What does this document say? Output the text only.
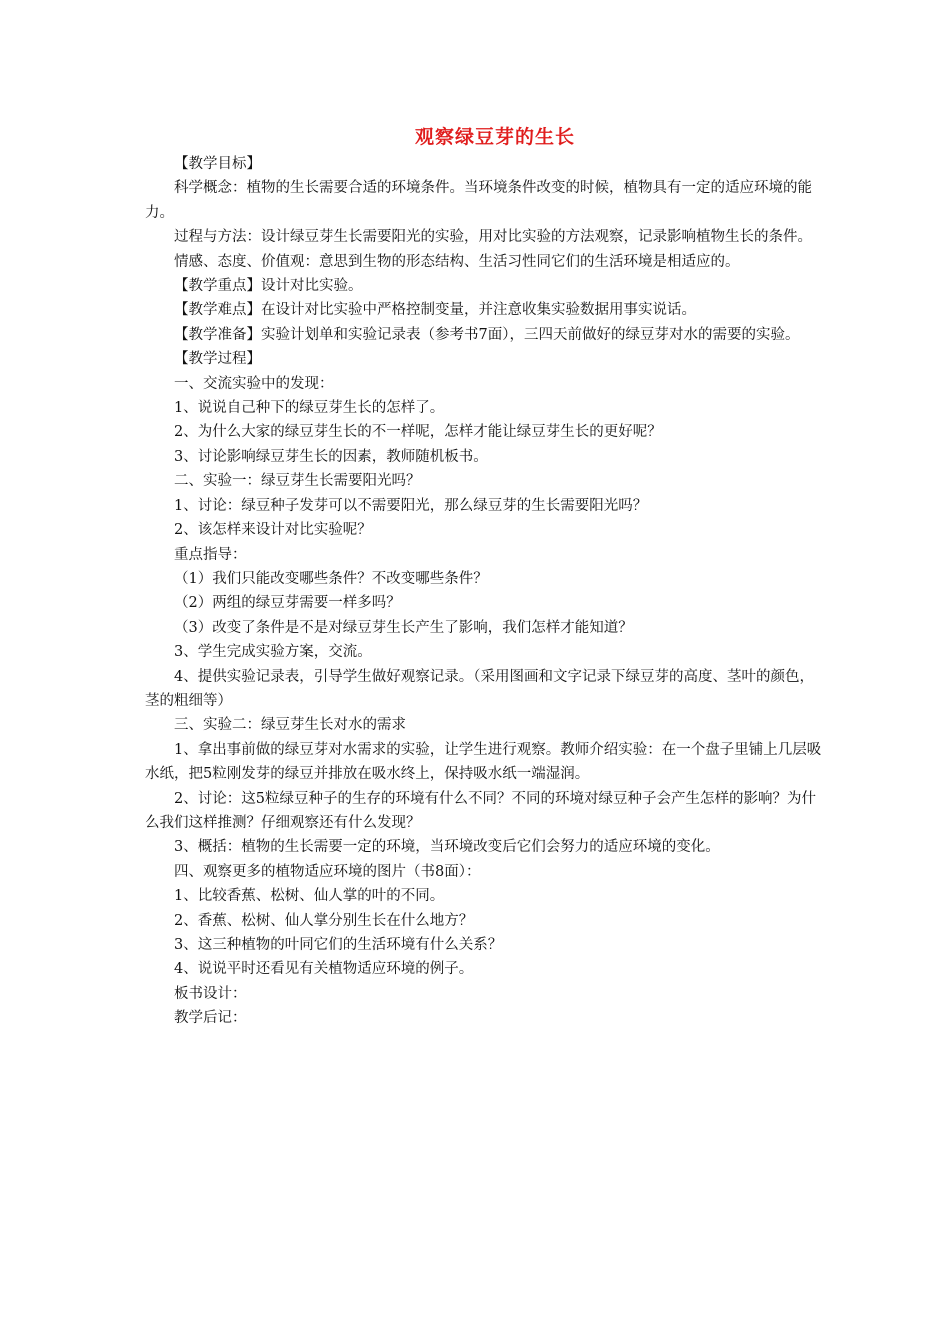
观察绿豆芽的生长

【教学目标】

科学概念：植物的生长需要合适的环境条件。当环境条件改变的时候，植物具有一定的适应环境的能力。

过程与方法：设计绿豆芽生长需要阳光的实验，用对比实验的方法观察，记录影响植物生长的条件。

情感、态度、价值观：意思到生物的形态结构、生活习性同它们的生活环境是相适应的。

【教学重点】设计对比实验。

【教学难点】在设计对比实验中严格控制变量，并注意收集实验数据用事实说话。

【教学准备】实验计划单和实验记录表（参考书7面），三四天前做好的绿豆芽对水的需要的实验。

【教学过程】

一、交流实验中的发现：

1、说说自己种下的绿豆芽生长的怎样了。

2、为什么大家的绿豆芽生长的不一样呢，怎样才能让绿豆芽生长的更好呢？

3、讨论影响绿豆芽生长的因素，教师随机板书。

二、实验一：绿豆芽生长需要阳光吗？

1、讨论：绿豆种子发芽可以不需要阳光，那么绿豆芽的生长需要阳光吗？

2、该怎样来设计对比实验呢？

重点指导：

（1）我们只能改变哪些条件？不改变哪些条件？

（2）两组的绿豆芽需要一样多吗？

（3）改变了条件是不是对绿豆芽生长产生了影响，我们怎样才能知道？

3、学生完成实验方案，交流。

4、提供实验记录表，引导学生做好观察记录。（采用图画和文字记录下绿豆芽的高度、茎叶的颜色，茎的粗细等）

三、实验二：绿豆芽生长对水的需求

1、拿出事前做的绿豆芽对水需求的实验，让学生进行观察。教师介绍实验：在一个盘子里铺上几层吸水纸，把5粒刚发芽的绿豆并排放在吸水终上，保持吸水纸一端湿润。

2、讨论：这5粒绿豆种子的生存的环境有什么不同？不同的环境对绿豆种子会产生怎样的影响？为什么我们这样推测？仔细观察还有什么发现？

3、概括：植物的生长需要一定的环境，当环境改变后它们会努力的适应环境的变化。

四、观察更多的植物适应环境的图片（书8面）：

1、比较香蕉、松树、仙人掌的叶的不同。

2、香蕉、松树、仙人掌分别生长在什么地方？

3、这三种植物的叶同它们的生活环境有什么关系？

4、说说平时还看见有关植物适应环境的例子。

板书设计：

教学后记：
